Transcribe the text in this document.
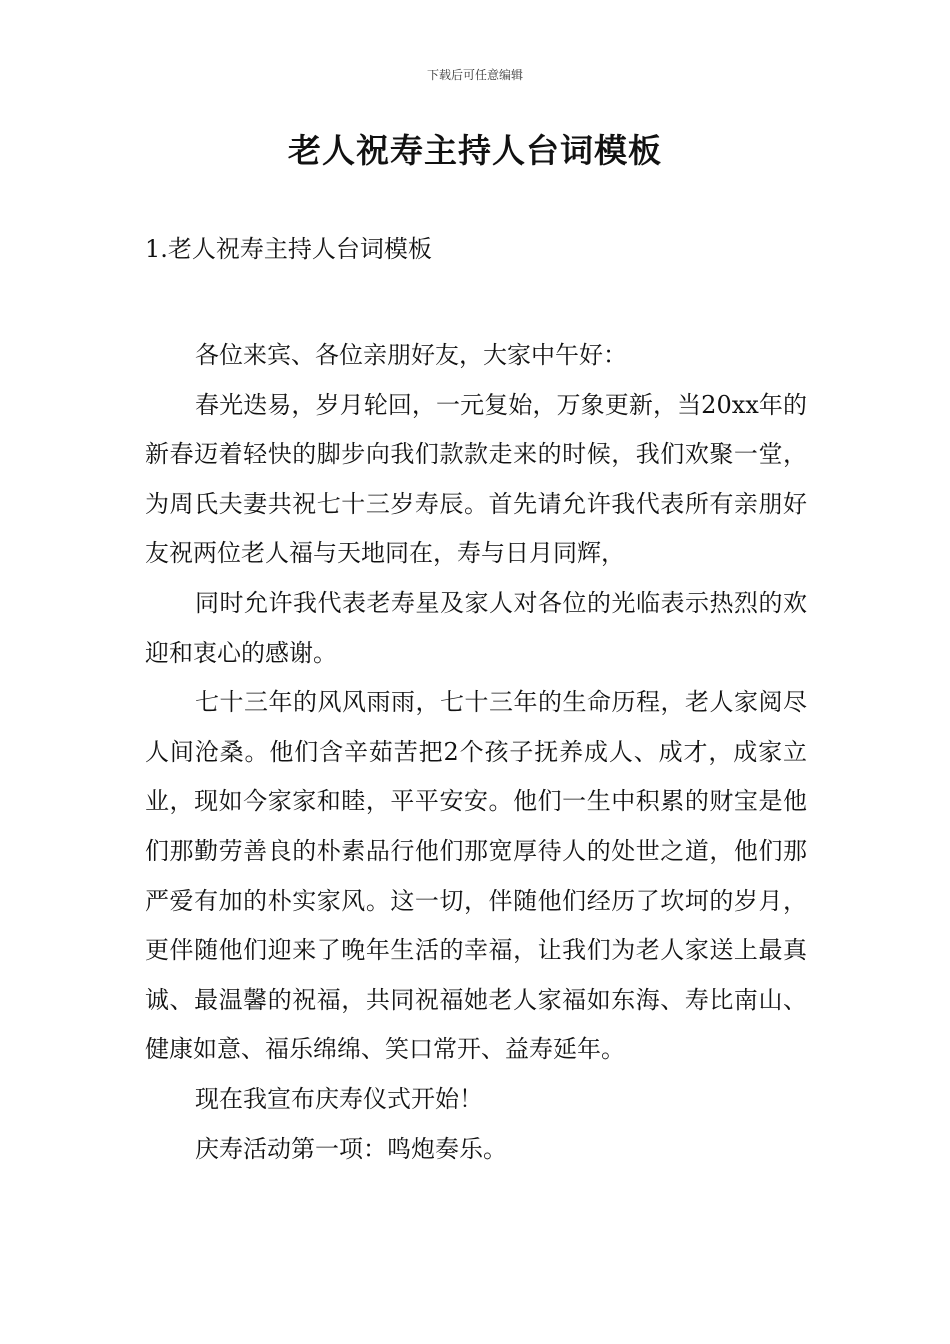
下载后可任意编辑
老人祝寿主持人台词模板
1.老人祝寿主持人台词模板

各位来宾、各位亲朋好友，大家中午好：

春光迭易，岁月轮回，一元复始，万象更新，当20xx年的新春迈着轻快的脚步向我们款款走来的时候，我们欢聚一堂，为周氏夫妻共祝七十三岁寿辰。首先请允许我代表所有亲朋好友祝两位老人福与天地同在，寿与日月同辉，

同时允许我代表老寿星及家人对各位的光临表示热烈的欢迎和衷心的感谢。

七十三年的风风雨雨，七十三年的生命历程，老人家阅尽人间沧桑。他们含辛茹苦把2个孩子抚养成人、成才，成家立业，现如今家家和睦，平平安安。他们一生中积累的财宝是他们那勤劳善良的朴素品行他们那宽厚待人的处世之道，他们那严爱有加的朴实家风。这一切，伴随他们经历了坎坷的岁月，更伴随他们迎来了晚年生活的幸福，让我们为老人家送上最真诚、最温馨的祝福，共同祝福她老人家福如东海、寿比南山、健康如意、福乐绵绵、笑口常开、益寿延年。

现在我宣布庆寿仪式开始！

庆寿活动第一项：鸣炮奏乐。
